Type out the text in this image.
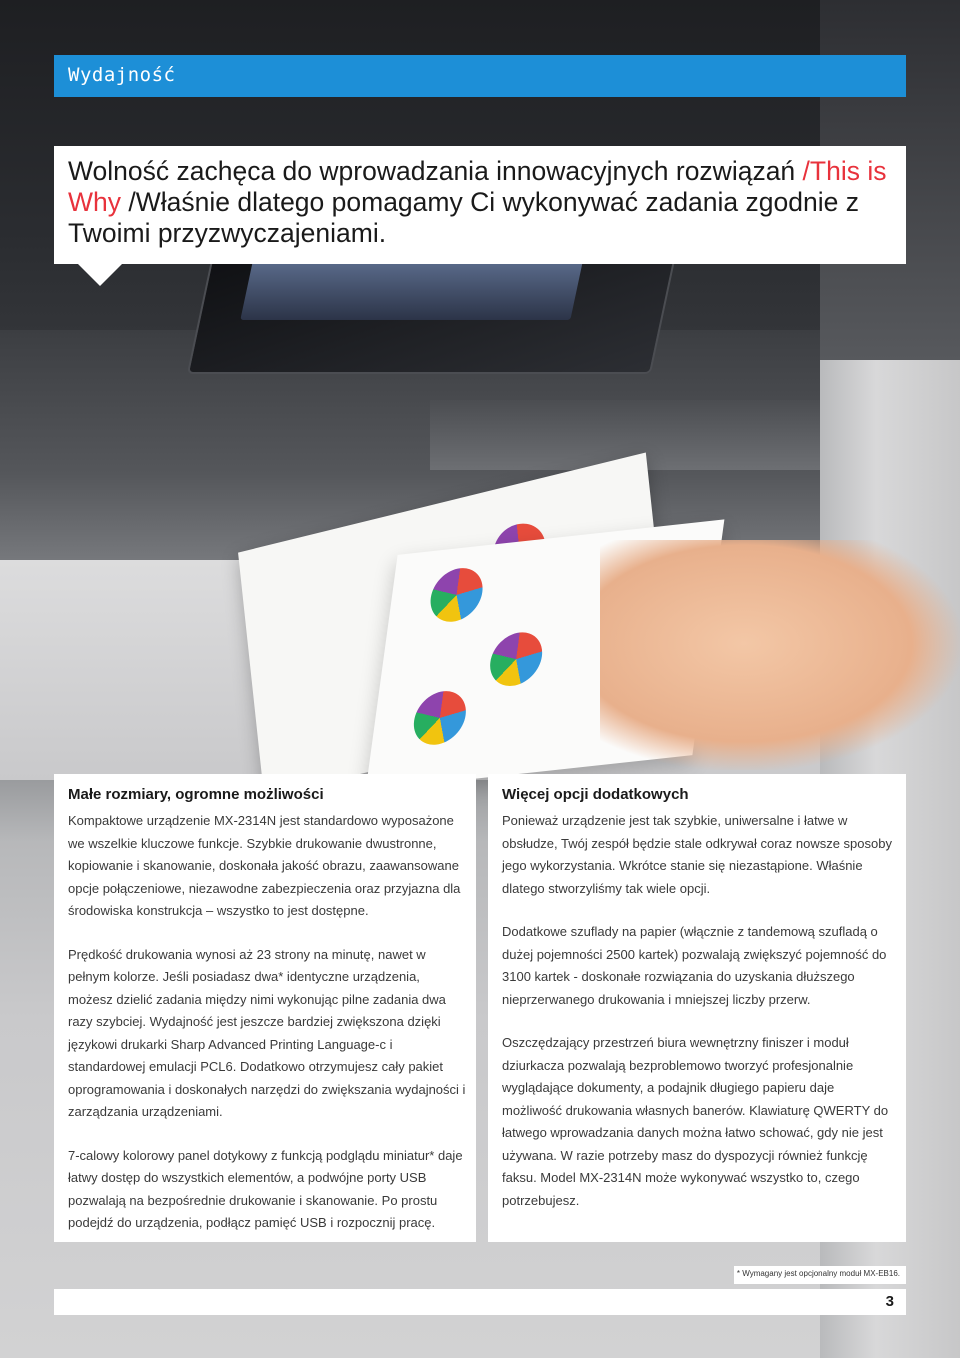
Wydajność
Wolność zachęca do wprowadzania innowacyjnych rozwiązań /This is Why /Właśnie dlatego pomagamy Ci wykonywać zadania zgodnie z Twoimi przyzwyczajeniami.
Małe rozmiary, ogromne możliwości

Kompaktowe urządzenie MX-2314N jest standardowo wyposażone we wszelkie kluczowe funkcje. Szybkie drukowanie dwustronne, kopiowanie i skanowanie, doskonała jakość obrazu, zaawansowane opcje połączeniowe, niezawodne zabezpieczenia oraz przyjazna dla środowiska konstrukcja – wszystko to jest dostępne.

Prędkość drukowania wynosi aż 23 strony na minutę, nawet w pełnym kolorze. Jeśli posiadasz dwa* identyczne urządzenia, możesz dzielić zadania między nimi wykonując pilne zadania dwa razy szybciej. Wydajność jest jeszcze bardziej zwiększona dzięki językowi drukarki Sharp Advanced Printing Language-c i standardowej emulacji PCL6. Dodatkowo otrzymujesz cały pakiet oprogramowania i doskonałych narzędzi do zwiększania wydajności i zarządzania urządzeniami.

7-calowy kolorowy panel dotykowy z funkcją podglądu miniatur* daje łatwy dostęp do wszystkich elementów, a podwójne porty USB pozwalają na bezpośrednie drukowanie i skanowanie. Po prostu podejdź do urządzenia, podłącz pamięć USB i rozpocznij pracę.

Więcej opcji dodatkowych

Ponieważ urządzenie jest tak szybkie, uniwersalne i łatwe w obsłudze, Twój zespół będzie stale odkrywał coraz nowsze sposoby jego wykorzystania. Wkrótce stanie się niezastąpione. Właśnie dlatego stworzyliśmy tak wiele opcji.

Dodatkowe szuflady na papier (włącznie z tandemową szufladą o dużej pojemności 2500 kartek) pozwalają zwiększyć pojemność do 3100 kartek - doskonałe rozwiązania do uzyskania dłuższego nieprzerwanego drukowania i mniejszej liczby przerw.

Oszczędzający przestrzeń biura wewnętrzny finiszer i moduł dziurkacza pozwalają bezproblemowo tworzyć profesjonalnie wyglądające dokumenty, a podajnik długiego papieru daje możliwość drukowania własnych banerów. Klawiaturę QWERTY do łatwego wprowadzania danych można łatwo schować, gdy nie jest używana. W razie potrzeby masz do dyspozycji również funkcję faksu. Model MX-2314N może wykonywać wszystko to, czego potrzebujesz.

* Wymagany jest opcjonalny moduł MX-EB16.
3
